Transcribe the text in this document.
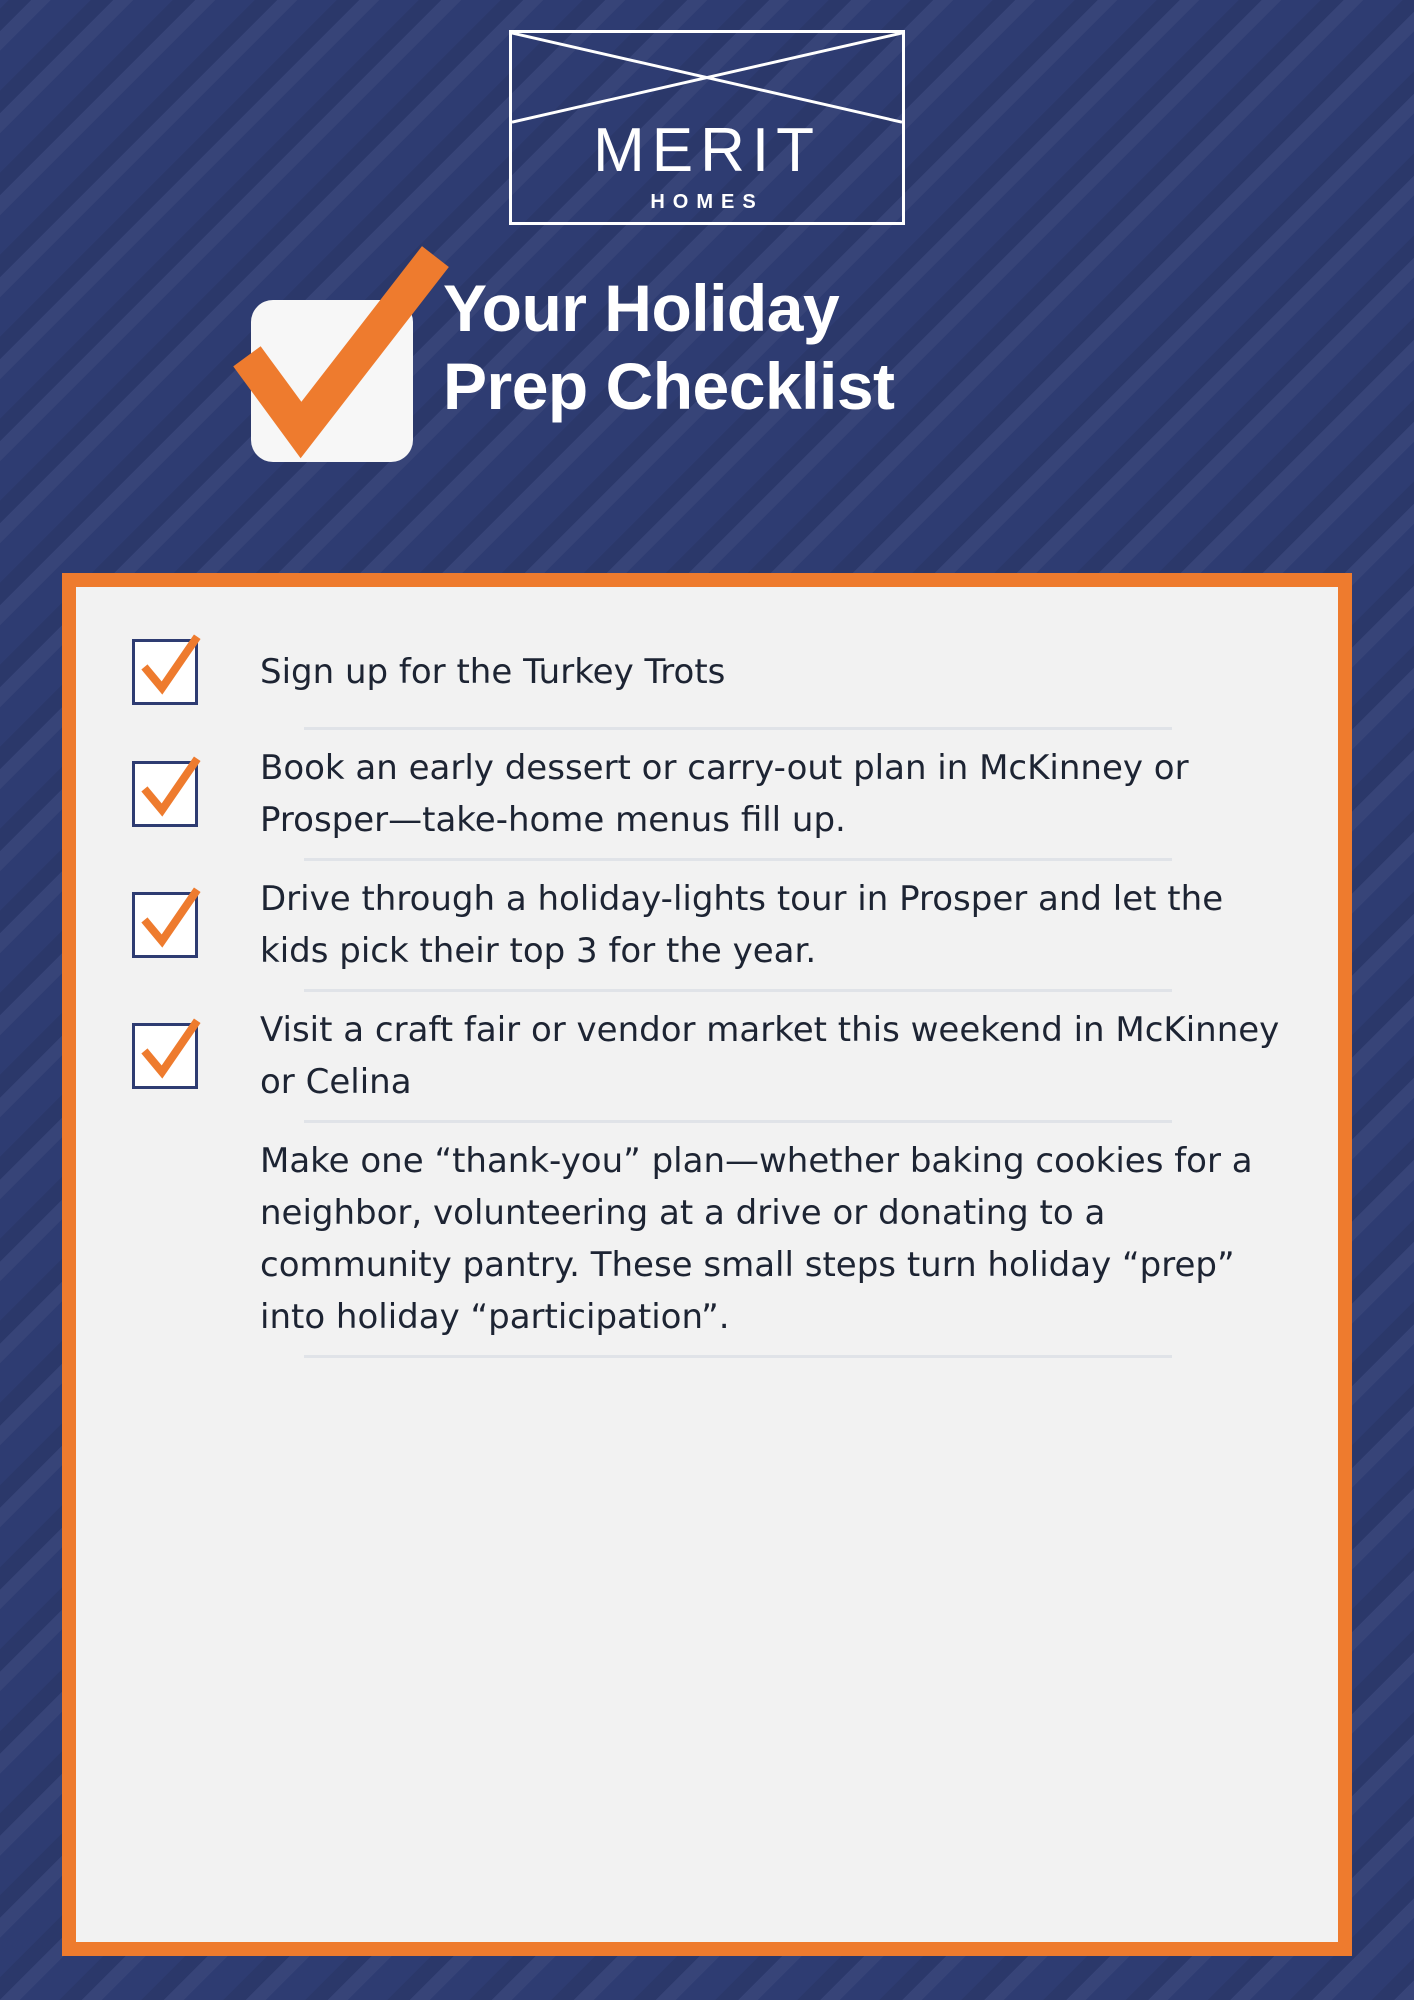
MERIT
HOMES
Your Holiday
Prep Checklist
Sign up for the Turkey Trots
Book an early dessert or carry-out plan in McKinney or Prosper—take-home menus fill up.
Drive through a holiday-lights tour in Prosper and let the kids pick their top 3 for the year.
Visit a craft fair or vendor market this weekend in McKinney or Celina
Make one “thank-you” plan—whether baking cookies for a neighbor, volunteering at a drive or donating to a community pantry. These small steps turn holiday “prep” into holiday “participation”.
